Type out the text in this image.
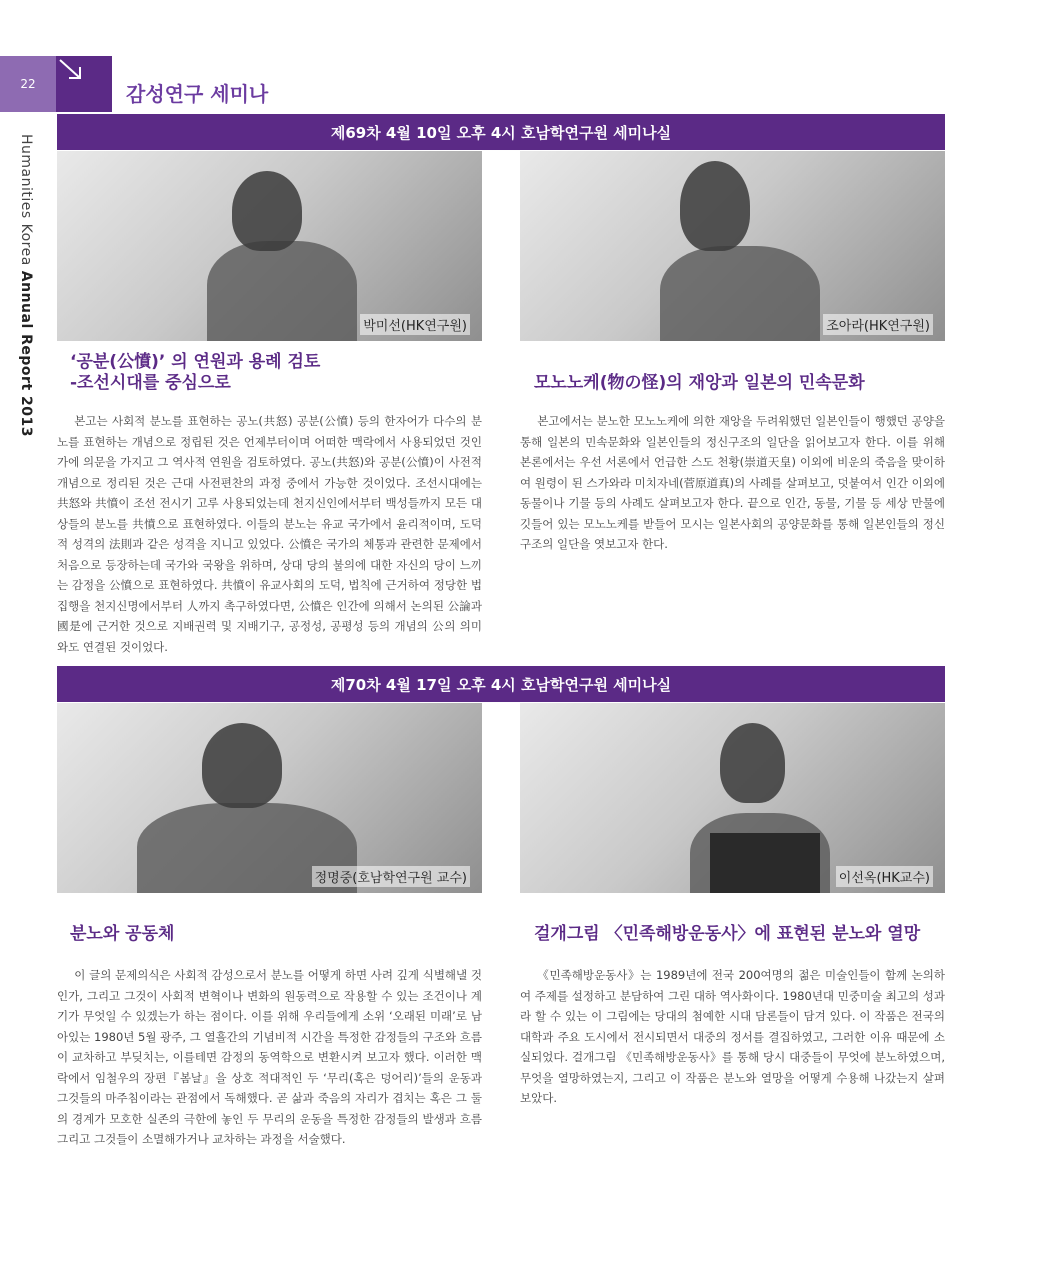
22	감성연구 세미나
Humanities Korea Annual Report 2013
제69차 4월 10일 오후 4시 호남학연구원 세미나실
박미선(HK연구원)	조아라(HK연구원)
‘공분(公憤)’ 의 연원과 용례 검토
-조선시대를 중심으로	모노노케(物の怪)의 재앙과 일본의 민속문화

본고는 사회적 분노를 표현하는 공노(共怒) 공분(公憤) 등의 한자어가 다수의 분노를 표현하는 개념으로 정립된 것은 언제부터이며 어떠한 맥락에서 사용되었던 것인가에 의문을 가지고 그 역사적 연원을 검토하였다. 공노(共怒)와 공분(公憤)이 사전적 개념으로 정리된 것은 근대 사전편찬의 과정 중에서 가능한 것이었다. 조선시대에는 共怒와 共憤이 조선 전시기 고루 사용되었는데 천지신인에서부터 백성들까지 모든 대상들의 분노를 共憤으로 표현하였다. 이들의 분노는 유교 국가에서 윤리적이며, 도덕적 성격의 法則과 같은 성격을 지니고 있었다. 公憤은 국가의 체통과 관련한 문제에서 처음으로 등장하는데 국가와 국왕을 위하며, 상대 당의 불의에 대한 자신의 당이 느끼는 감정을 公憤으로 표현하였다. 共憤이 유교사회의 도덕, 법칙에 근거하여 정당한 법집행을 천지신명에서부터 人까지 촉구하였다면, 公憤은 인간에 의해서 논의된 公論과 國是에 근거한 것으로 지배권력 및 지배기구, 공정성, 공평성 등의 개념의 公의 의미와도 연결된 것이었다.

본고에서는 분노한 모노노케에 의한 재앙을 두려워했던 일본인들이 행했던 공양을 통해 일본의 민속문화와 일본인들의 정신구조의 일단을 읽어보고자 한다. 이를 위해 본론에서는 우선 서론에서 언급한 스도 천황(崇道天皇) 이외에 비운의 죽음을 맞이하여 원령이 된 스가와라 미치자네(菅原道真)의 사례를 살펴보고, 덧붙여서 인간 이외에 동물이나 기물 등의 사례도 살펴보고자 한다. 끝으로 인간, 동물, 기물 등 세상 만물에 깃들어 있는 모노노케를 받들어 모시는 일본사회의 공양문화를 통해 일본인들의 정신구조의 일단을 엿보고자 한다.

제70차 4월 17일 오후 4시 호남학연구원 세미나실
정명중(호남학연구원 교수)	이선옥(HK교수)
분노와 공동체	걸개그림 〈민족해방운동사〉에 표현된 분노와 열망

이 글의 문제의식은 사회적 감성으로서 분노를 어떻게 하면 사려 깊게 식별해낼 것인가, 그리고 그것이 사회적 변혁이나 변화의 원동력으로 작용할 수 있는 조건이나 계기가 무엇일 수 있겠는가 하는 점이다. 이를 위해 우리들에게 소위 ‘오래된 미래’로 남아있는 1980년 5월 광주, 그 열흘간의 기념비적 시간을 특정한 감정들의 구조와 흐름이 교차하고 부딪치는, 이를테면 감정의 동역학으로 변환시켜 보고자 했다. 이러한 맥락에서 임철우의 장편『봄날』을 상호 적대적인 두 ‘무리(혹은 덩어리)’들의 운동과 그것들의 마주침이라는 관점에서 독해했다. 곧 삶과 죽음의 자리가 겹치는 혹은 그 둘의 경계가 모호한 실존의 극한에 놓인 두 무리의 운동을 특정한 감정들의 발생과 흐름 그리고 그것들이 소멸해가거나 교차하는 과정을 서술했다.

《민족해방운동사》는 1989년에 전국 200여명의 젊은 미술인들이 함께 논의하여 주제를 설정하고 분담하여 그린 대하 역사화이다. 1980년대 민중미술 최고의 성과라 할 수 있는 이 그림에는 당대의 첨예한 시대 담론들이 담겨 있다. 이 작품은 전국의 대학과 주요 도시에서 전시되면서 대중의 정서를 결집하였고, 그러한 이유 때문에 소실되었다. 걸개그림 《민족해방운동사》를 통해 당시 대중들이 무엇에 분노하였으며, 무엇을 열망하였는지, 그리고 이 작품은 분노와 열망을 어떻게 수용해 나갔는지 살펴보았다.
